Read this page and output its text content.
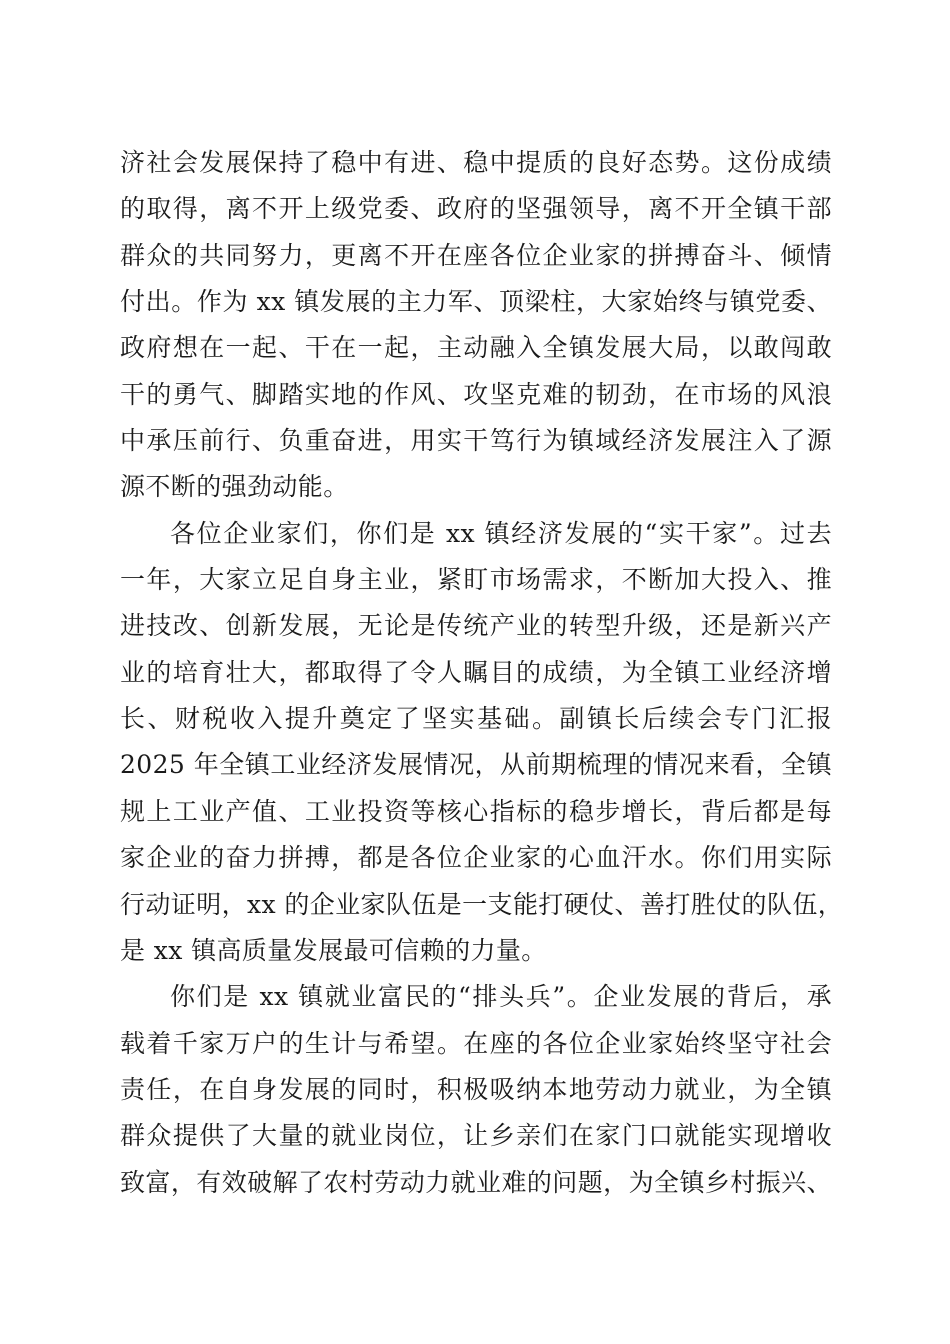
济社会发展保持了稳中有进、稳中提质的良好态势。这份成绩
的取得，离不开上级党委、政府的坚强领导，离不开全镇干部
群众的共同努力，更离不开在座各位企业家的拼搏奋斗、倾情
付出。作为 xx 镇发展的主力军、顶梁柱，大家始终与镇党委、
政府想在一起、干在一起，主动融入全镇发展大局，以敢闯敢
干的勇气、脚踏实地的作风、攻坚克难的韧劲，在市场的风浪
中承压前行、负重奋进，用实干笃行为镇域经济发展注入了源
源不断的强劲动能。
各位企业家们，你们是 xx 镇经济发展的“实干家”。过去
一年，大家立足自身主业，紧盯市场需求，不断加大投入、推
进技改、创新发展，无论是传统产业的转型升级，还是新兴产
业的培育壮大，都取得了令人瞩目的成绩，为全镇工业经济增
长、财税收入提升奠定了坚实基础。副镇长后续会专门汇报
2025 年全镇工业经济发展情况，从前期梳理的情况来看，全镇
规上工业产值、工业投资等核心指标的稳步增长，背后都是每
家企业的奋力拼搏，都是各位企业家的心血汗水。你们用实际
行动证明，xx 的企业家队伍是一支能打硬仗、善打胜仗的队伍，
是 xx 镇高质量发展最可信赖的力量。
你们是 xx 镇就业富民的“排头兵”。企业发展的背后，承
载着千家万户的生计与希望。在座的各位企业家始终坚守社会
责任，在自身发展的同时，积极吸纳本地劳动力就业，为全镇
群众提供了大量的就业岗位，让乡亲们在家门口就能实现增收
致富，有效破解了农村劳动力就业难的问题，为全镇乡村振兴、
